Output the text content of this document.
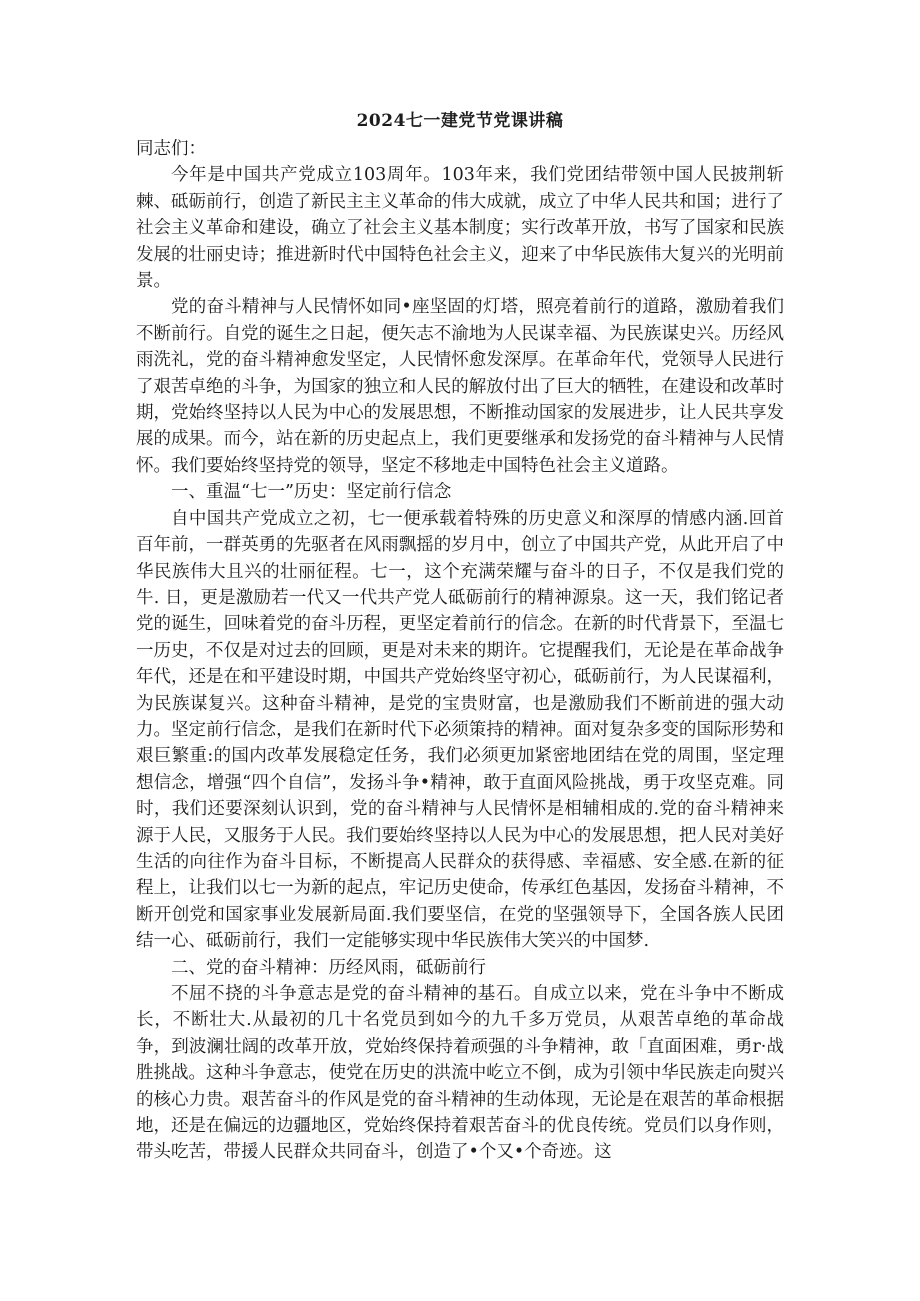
2024七一建党节党课讲稿

同志们：

今年是中国共产党成立103周年。103年来，我们党团结带领中国人民披荆斩棘、砥砺前行，创造了新民主主义革命的伟大成就，成立了中华人民共和国；进行了社会主义革命和建设，确立了社会主义基本制度；实行改革开放，书写了国家和民族发展的壮丽史诗；推进新时代中国特色社会主义，迎来了中华民族伟大复兴的光明前景。

党的奋斗精神与人民情怀如同•座坚固的灯塔，照亮着前行的道路，激励着我们不断前行。自党的诞生之日起，便矢志不渝地为人民谋幸福、为民族谋史兴。历经风雨洗礼，党的奋斗精神愈发坚定，人民情怀愈发深厚。在革命年代，党领导人民进行了艰苦卓绝的斗争，为国家的独立和人民的解放付出了巨大的牺牲，在建设和改革时期，党始终坚持以人民为中心的发展思想，不断推动国家的发展进步，让人民共享发展的成果。而今，站在新的历史起点上，我们更要继承和发扬党的奋斗精神与人民情怀。我们要始终坚持党的领导，坚定不移地走中国特色社会主义道路。

一、重温“七一”历史：坚定前行信念

自中国共产党成立之初，七一便承载着特殊的历史意义和深厚的情感内涵.回首百年前，一群英勇的先驱者在风雨飘摇的岁月中，创立了中国共产党，从此开启了中华民族伟大且兴的壮丽征程。七一，这个充满荣耀与奋斗的日子，不仅是我们党的牛. 日，更是激励若一代又一代共产党人砥砺前行的精神源泉。这一天，我们铭记者党的诞生，回味着党的奋斗历程，更坚定着前行的信念。在新的时代背景下，至温七一历史，不仅是对过去的回顾，更是对未来的期许。它提醒我们，无论是在革命战争年代，还是在和平建设时期，中国共产党始终坚守初心，砥砺前行，为人民谋福利，为民族谋复兴。这种奋斗精神，是党的宝贵财富，也是激励我们不断前进的强大动力。坚定前行信念，是我们在新时代下必须策持的精神。面对复杂多变的国际形势和艰巨繁重:的国内改革发展稳定任务，我们必须更加紧密地团结在党的周围，坚定理想信念，增强“四个自信”，发扬斗争•精神，敢于直面风险挑战，勇于攻坚克难。同时，我们还要深刻认识到，党的奋斗精神与人民情怀是相辅相成的.党的奋斗精神来源于人民，又服务于人民。我们要始终坚持以人民为中心的发展思想，把人民对美好生活的向往作为奋斗目标，不断提高人民群众的获得感、幸福感、安全感.在新的征程上，让我们以七一为新的起点，牢记历史使命，传承红色基因，发扬奋斗精神，不断开创党和国家事业发展新局面.我们要坚信，在党的坚强领导下，全国各族人民团结一心、砥砺前行，我们一定能够实现中华民族伟大笑兴的中国梦.

二、党的奋斗精神：历经风雨，砥砺前行

不屈不挠的斗争意志是党的奋斗精神的基石。自成立以来，党在斗争中不断成长，不断壮大.从最初的几十名党员到如今的九千多万党员，从艰苦卓绝的革命战争，到波澜壮阔的改革开放，党始终保持着顽强的斗争精神，敢「直面困难，勇r·战胜挑战。这种斗争意志，使党在历史的洪流中屹立不倒，成为引领中华民族走向熨兴的核心力贵。艰苦奋斗的作风是党的奋斗精神的生动体现，无论是在艰苦的革命根据地，还是在偏远的边疆地区，党始终保持着艰苦奋斗的优良传统。党员们以身作则，带头吃苦，带援人民群众共同奋斗，创造了•个又•个奇迹。这
